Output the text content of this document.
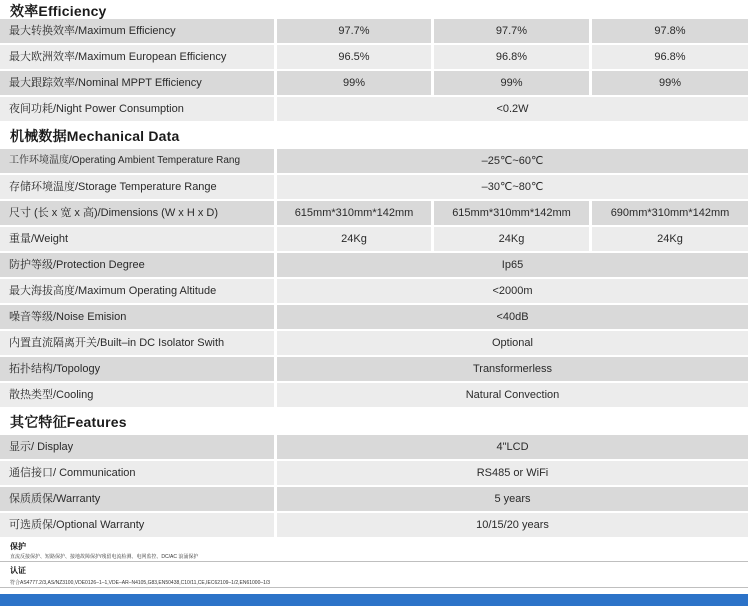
效率Efficiency
最大转换效率/Maximum Efficiency	97.7%	97.7%	97.8%
最大欧洲效率/Maximum European Efficiency	96.5%	96.8%	96.8%
最大跟踪效率/Nominal MPPT Efficiency	99%	99%	99%
夜间功耗/Night Power Consumption	<0.2W
机械数据Mechanical Data
工作环境温度/Operating Ambient Temperature Rang	–25℃~60℃
存储环境温度/Storage Temperature Range	–30℃~80℃
尺寸 (长 x 宽 x 高)/Dimensions (W x H x D)	615mm*310mm*142mm	615mm*310mm*142mm	690mm*310mm*142mm
重量/Weight	24Kg	24Kg	24Kg
防护等级/Protection Degree	Ip65
最大海拔高度/Maximum Operating Altitude	<2000m
噪音等级/Noise Emision	<40dB
内置直流隔离开关/Built–in DC Isolator Swith	Optional
拓扑结构/Topology	Transformerless
散热类型/Cooling	Natural Convection
其它特征Features
显示/ Display	4"LCD
通信接口/ Communication	RS485 or WiFi
保质质保/Warranty	5 years
可选质保/Optional Warranty	10/15/20 years
保护
直流反接保护、短路保护、接地故障保护/残留电流检测、电网监控、DC/AC 浪涌保护
认证
符合AS4777.2/3,AS/NZ3100,VDE0126–1–1,VDE–AR–N4105,G83,EN50438,C10/11,CE,IEC62109–1/2,EN61000–1/3
